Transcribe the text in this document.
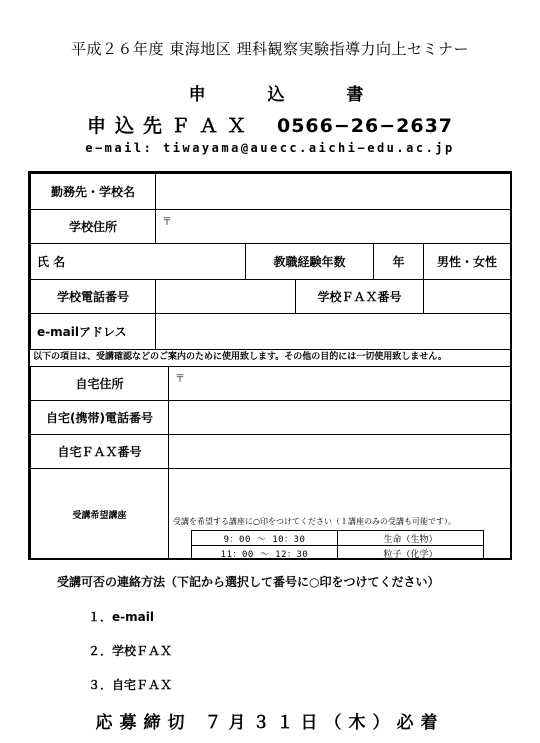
平成２６年度 東海地区 理科観察実験指導力向上セミナー
申 込 書
申込先ＦＡＸ 0566−26−2637
e−mail: tiwayama@auecc.aichi−edu.ac.jp
勤務先・学校名					
学校住所	〒				
氏 名		教職経験年数		年	男性・女性
学校電話番号			学校ＦＡＸ番号		
e-mailアドレス					
以下の項目は、受講確認などのご案内のために使用致します。その他の目的には一切使用致しません。
自宅住所	〒
自宅(携帯)電話番号	
自宅ＦＡＸ番号	
受講希望講座	
受講を希望する講座に○印をつけてください（１講座のみの受講も可能です）。
9：00 〜 10：30	生命（生物）
11：00 〜 12：30	粒子（化学）

受講可否の連絡方法（下記から選択して番号に○印をつけてください）
１．e-mail
２．学校ＦＡＸ
３．自宅ＦＡＸ
応募締切 ７月３１日（木）必着
